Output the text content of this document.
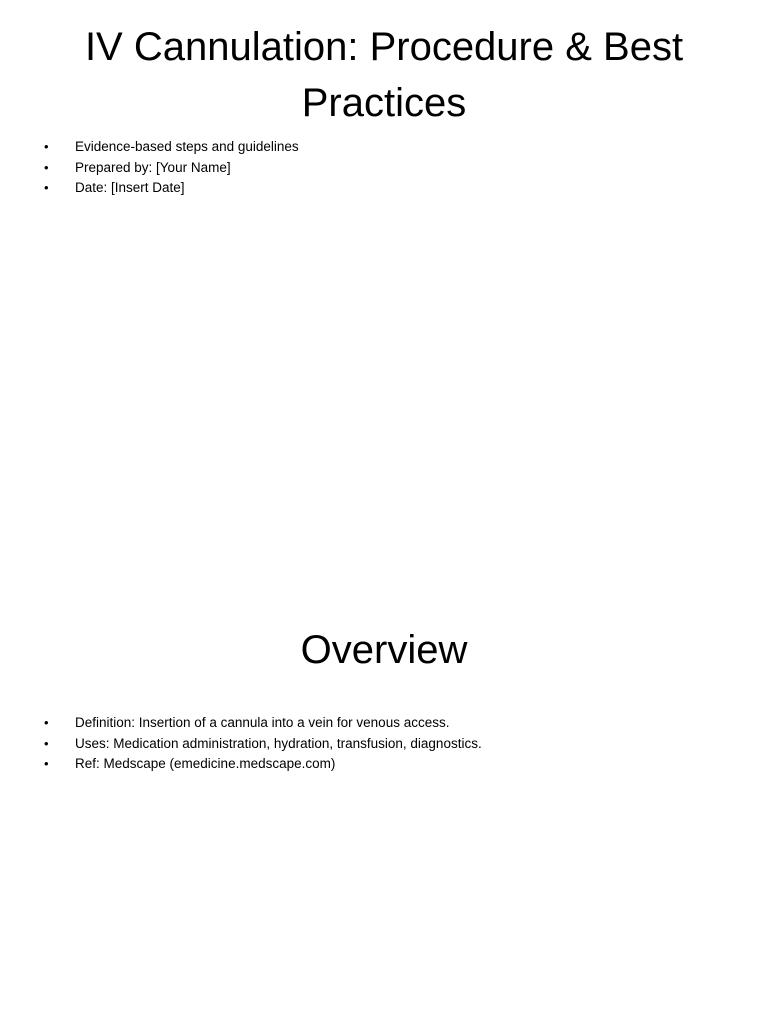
IV Cannulation: Procedure & Best Practices
• Evidence-based steps and guidelines
• Prepared by: [Your Name]
• Date: [Insert Date]
Overview
• Definition: Insertion of a cannula into a vein for venous access.
• Uses: Medication administration, hydration, transfusion, diagnostics.
• Ref: Medscape (emedicine.medscape.com)
